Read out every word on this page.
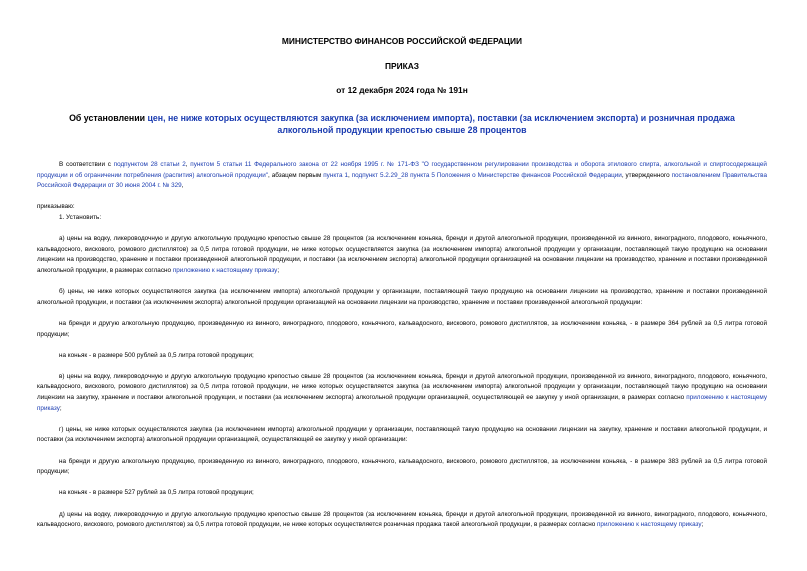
МИНИСТЕРСТВО ФИНАНСОВ РОССИЙСКОЙ ФЕДЕРАЦИИ
ПРИКАЗ
от 12 декабря 2024 года № 191н
Об установлении цен, не ниже которых осуществляются закупка (за исключением импорта), поставки (за исключением экспорта) и розничная продажа алкогольной продукции крепостью свыше 28 процентов

В соответствии с подпунктом 28 статьи 2, пунктом 5 статьи 11 Федерального закона от 22 ноября 1995 г. № 171-ФЗ "О государственном регулировании производства и оборота этилового спирта, алкогольной и спиртосодержащей продукции и об ограничении потребления (распития) алкогольной продукции", абзацем первым пункта 1, подпункт 5.2.29_28 пункта 5 Положения о Министерстве финансов Российской Федерации, утвержденного постановлением Правительства Российской Федерации от 30 июня 2004 г. № 329,

приказываю:

1. Установить:

а) цены на водку, ликероводочную и другую алкогольную продукцию крепостью свыше 28 процентов (за исключением коньяка, бренди и другой алкогольной продукции, произведенной из винного, виноградного, плодового, коньячного, кальвадосного, вискового, ромового дистиллятов) за 0,5 литра готовой продукции, не ниже которых осуществляется закупка (за исключением импорта) алкогольной продукции у организации, поставляющей такую продукцию на основании лицензии на производство, хранение и поставки произведенной алкогольной продукции, и поставки (за исключением экспорта) алкогольной продукции организацией на основании лицензии на производство, хранение и поставки произведенной алкогольной продукции, в размерах согласно приложению к настоящему приказу;

б) цены, не ниже которых осуществляются закупка (за исключением импорта) алкогольной продукции у организации, поставляющей такую продукцию на основании лицензии на производство, хранение и поставки произведенной алкогольной продукции, и поставки (за исключением экспорта) алкогольной продукции организацией на основании лицензии на производство, хранение и поставки произведенной алкогольной продукции:

на бренди и другую алкогольную продукцию, произведенную из винного, виноградного, плодового, коньячного, кальвадосного, вискового, ромового дистиллятов, за исключением коньяка, - в размере 364 рублей за 0,5 литра готовой продукции;

на коньяк - в размере 500 рублей за 0,5 литра готовой продукции;

в) цены на водку, ликероводочную и другую алкогольную продукцию крепостью свыше 28 процентов (за исключением коньяка, бренди и другой алкогольной продукции, произведенной из винного, виноградного, плодового, коньячного, кальвадосного, вискового, ромового дистиллятов) за 0,5 литра готовой продукции, не ниже которых осуществляется закупка (за исключением импорта) алкогольной продукции у организации, поставляющей такую продукцию на основании лицензии на закупку, хранение и поставки алкогольной продукции, и поставки (за исключением экспорта) алкогольной продукции организацией, осуществляющей ее закупку у иной организации, в размерах согласно приложению к настоящему приказу;

г) цены, не ниже которых осуществляются закупка (за исключением импорта) алкогольной продукции у организации, поставляющей такую продукцию на основании лицензии на закупку, хранение и поставки алкогольной продукции, и поставки (за исключением экспорта) алкогольной продукции организацией, осуществляющей ее закупку у иной организации:

на бренди и другую алкогольную продукцию, произведенную из винного, виноградного, плодового, коньячного, кальвадосного, вискового, ромового дистиллятов, за исключением коньяка, - в размере 383 рублей за 0,5 литра готовой продукции;

на коньяк - в размере 527 рублей за 0,5 литра готовой продукции;

д) цены на водку, ликероводочную и другую алкогольную продукцию крепостью свыше 28 процентов (за исключением коньяка, бренди и другой алкогольной продукции, произведенной из винного, виноградного, плодового, коньячного, кальвадосного, вискового, ромового дистиллятов) за 0,5 литра готовой продукции, не ниже которых осуществляется розничная продажа такой алкогольной продукции, в размерах согласно приложению к настоящему приказу;
